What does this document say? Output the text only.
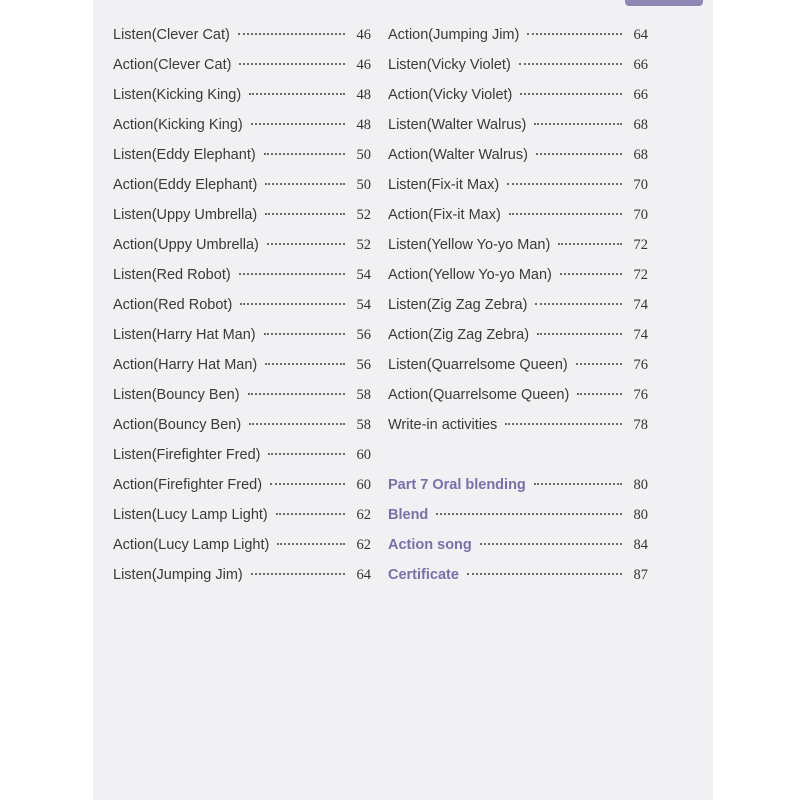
Listen(Clever Cat)	46
Action(Clever Cat)	46
Listen(Kicking King)	48
Action(Kicking King)	48
Listen(Eddy Elephant)	50
Action(Eddy Elephant)	50
Listen(Uppy Umbrella)	52
Action(Uppy Umbrella)	52
Listen(Red Robot)	54
Action(Red Robot)	54
Listen(Harry Hat Man)	56
Action(Harry Hat Man)	56
Listen(Bouncy Ben)	58
Action(Bouncy Ben)	58
Listen(Firefighter Fred)	60
Action(Firefighter Fred)	60
Listen(Lucy Lamp Light)	62
Action(Lucy Lamp Light)	62
Listen(Jumping Jim)	64
Action(Jumping Jim)	64
Listen(Vicky Violet)	66
Action(Vicky Violet)	66
Listen(Walter Walrus)	68
Action(Walter Walrus)	68
Listen(Fix-it Max)	70
Action(Fix-it Max)	70
Listen(Yellow Yo-yo Man)	72
Action(Yellow Yo-yo Man)	72
Listen(Zig Zag Zebra)	74
Action(Zig Zag Zebra)	74
Listen(Quarrelsome Queen)	76
Action(Quarrelsome Queen)	76
Write-in activities	78
Part 7 Oral blending	80
Blend	80
Action song	84
Certificate	87
